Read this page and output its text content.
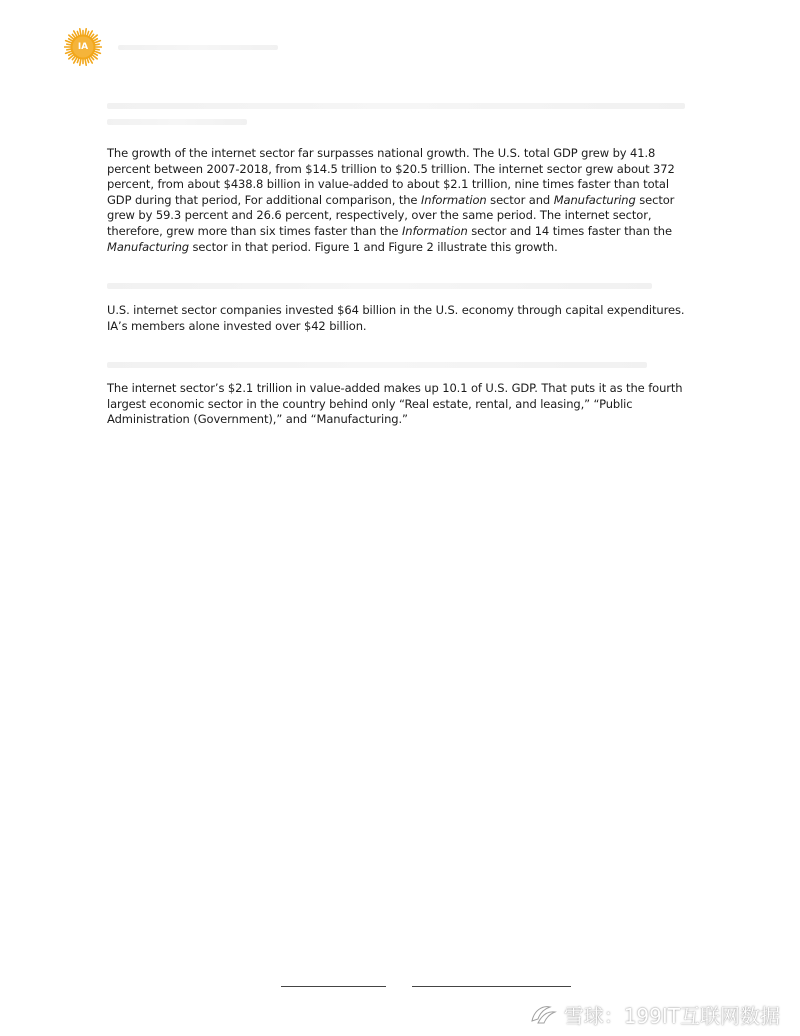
IA

The growth of the internet sector far surpasses national growth. The U.S. total GDP grew by 41.8 percent between 2007-2018, from $14.5 trillion to $20.5 trillion. The internet sector grew about 372 percent, from about $438.8 billion in value-added to about $2.1 trillion, nine times faster than total GDP during that period, For additional comparison, the Information sector and Manufacturing sector grew by 59.3 percent and 26.6 percent, respectively, over the same period. The internet sector, therefore, grew more than six times faster than the Information sector and 14 times faster than the Manufacturing sector in that period. Figure 1 and Figure 2 illustrate this growth.

U.S. internet sector companies invested $64 billion in the U.S. economy through capital expenditures. IA’s members alone invested over $42 billion.

The internet sector’s $2.1 trillion in value-added makes up 10.1 of U.S. GDP. That puts it as the fourth largest economic sector in the country behind only “Real estate, rental, and leasing,” “Public Administration (Government),” and “Manufacturing.”

雪球：199IT互联网数据
